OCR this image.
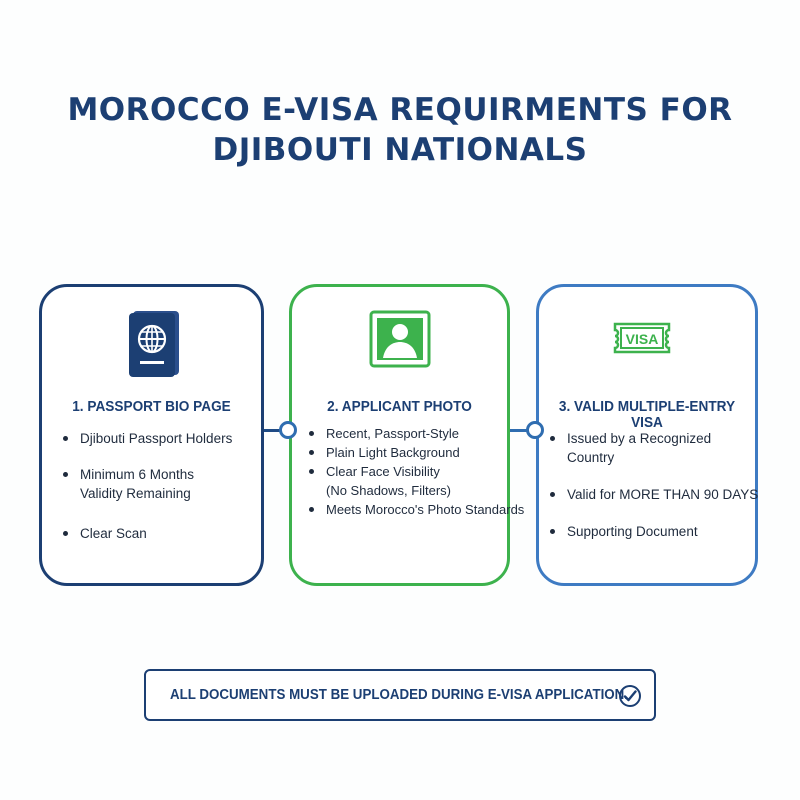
MOROCCO E-VISA REQUIRMENTS FOR
DJIBOUTI NATIONALS
1. PASSPORT BIO PAGE
Djibouti Passport Holders
Minimum 6 Months
Validity Remaining
Clear Scan
2. APPLICANT PHOTO
Recent, Passport-Style
Plain Light Background
Clear Face Visibility
(No Shadows, Filters)
Meets Morocco's Photo Standards
VISA
3. VALID MULTIPLE-ENTRY VISA
Issued by a Recognized Country
Valid for MORE THAN 90 DAYS
Supporting Document
ALL DOCUMENTS MUST BE UPLOADED DURING E-VISA APPLICATION.
